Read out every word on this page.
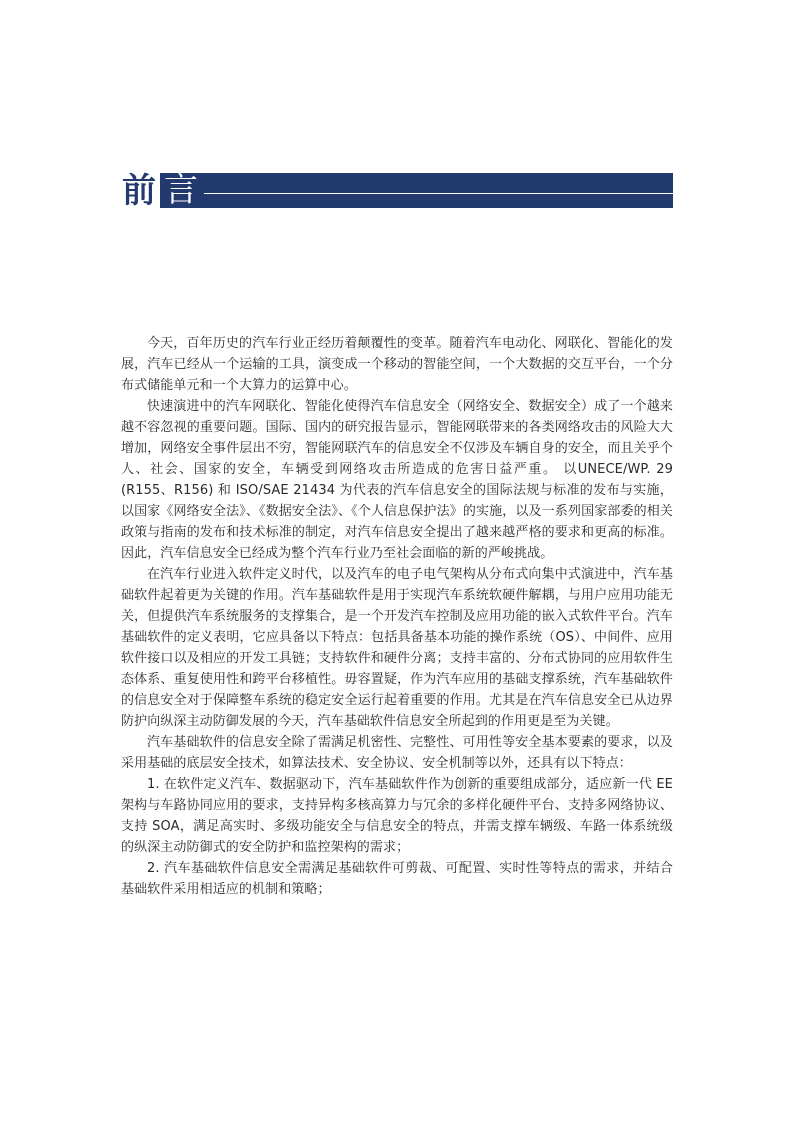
前 言

今天，百年历史的汽车行业正经历着颠覆性的变革。随着汽车电动化、网联化、智能化的发展，汽车已经从一个运输的工具，演变成一个移动的智能空间，一个大数据的交互平台，一个分布式储能单元和一个大算力的运算中心。

快速演进中的汽车网联化、智能化使得汽车信息安全（网络安全、数据安全）成了一个越来越不容忽视的重要问题。国际、国内的研究报告显示，智能网联带来的各类网络攻击的风险大大增加，网络安全事件层出不穷，智能网联汽车的信息安全不仅涉及车辆自身的安全，而且关乎个人、社会、国家的安全，车辆受到网络攻击所造成的危害日益严重。 以UNECE/WP. 29 (R155、R156) 和 ISO/SAE 21434 为代表的汽车信息安全的国际法规与标准的发布与实施，以国家《网络安全法》、《数据安全法》、《个人信息保护法》的实施，以及一系列国家部委的相关政策与指南的发布和技术标准的制定，对汽车信息安全提出了越来越严格的要求和更高的标准。因此，汽车信息安全已经成为整个汽车行业乃至社会面临的新的严峻挑战。

在汽车行业进入软件定义时代，以及汽车的电子电气架构从分布式向集中式演进中，汽车基础软件起着更为关键的作用。汽车基础软件是用于实现汽车系统软硬件解耦，与用户应用功能无关，但提供汽车系统服务的支撑集合，是一个开发汽车控制及应用功能的嵌入式软件平台。汽车基础软件的定义表明，它应具备以下特点：包括具备基本功能的操作系统（OS）、中间件、应用软件接口以及相应的开发工具链；支持软件和硬件分离；支持丰富的、分布式协同的应用软件生态体系、重复使用性和跨平台移植性。毋容置疑，作为汽车应用的基础支撑系统，汽车基础软件的信息安全对于保障整车系统的稳定安全运行起着重要的作用。尤其是在汽车信息安全已从边界防护向纵深主动防御发展的今天，汽车基础软件信息安全所起到的作用更是至为关键。

汽车基础软件的信息安全除了需满足机密性、完整性、可用性等安全基本要素的要求，以及采用基础的底层安全技术，如算法技术、安全协议、安全机制等以外，还具有以下特点：

1. 在软件定义汽车、数据驱动下，汽车基础软件作为创新的重要组成部分，适应新一代 EE 架构与车路协同应用的要求，支持异构多核高算力与冗余的多样化硬件平台、支持多网络协议、支持 SOA，满足高实时、多级功能安全与信息安全的特点，并需支撑车辆级、车路一体系统级的纵深主动防御式的安全防护和监控架构的需求；

2. 汽车基础软件信息安全需满足基础软件可剪裁、可配置、实时性等特点的需求，并结合基础软件采用相适应的机制和策略；
